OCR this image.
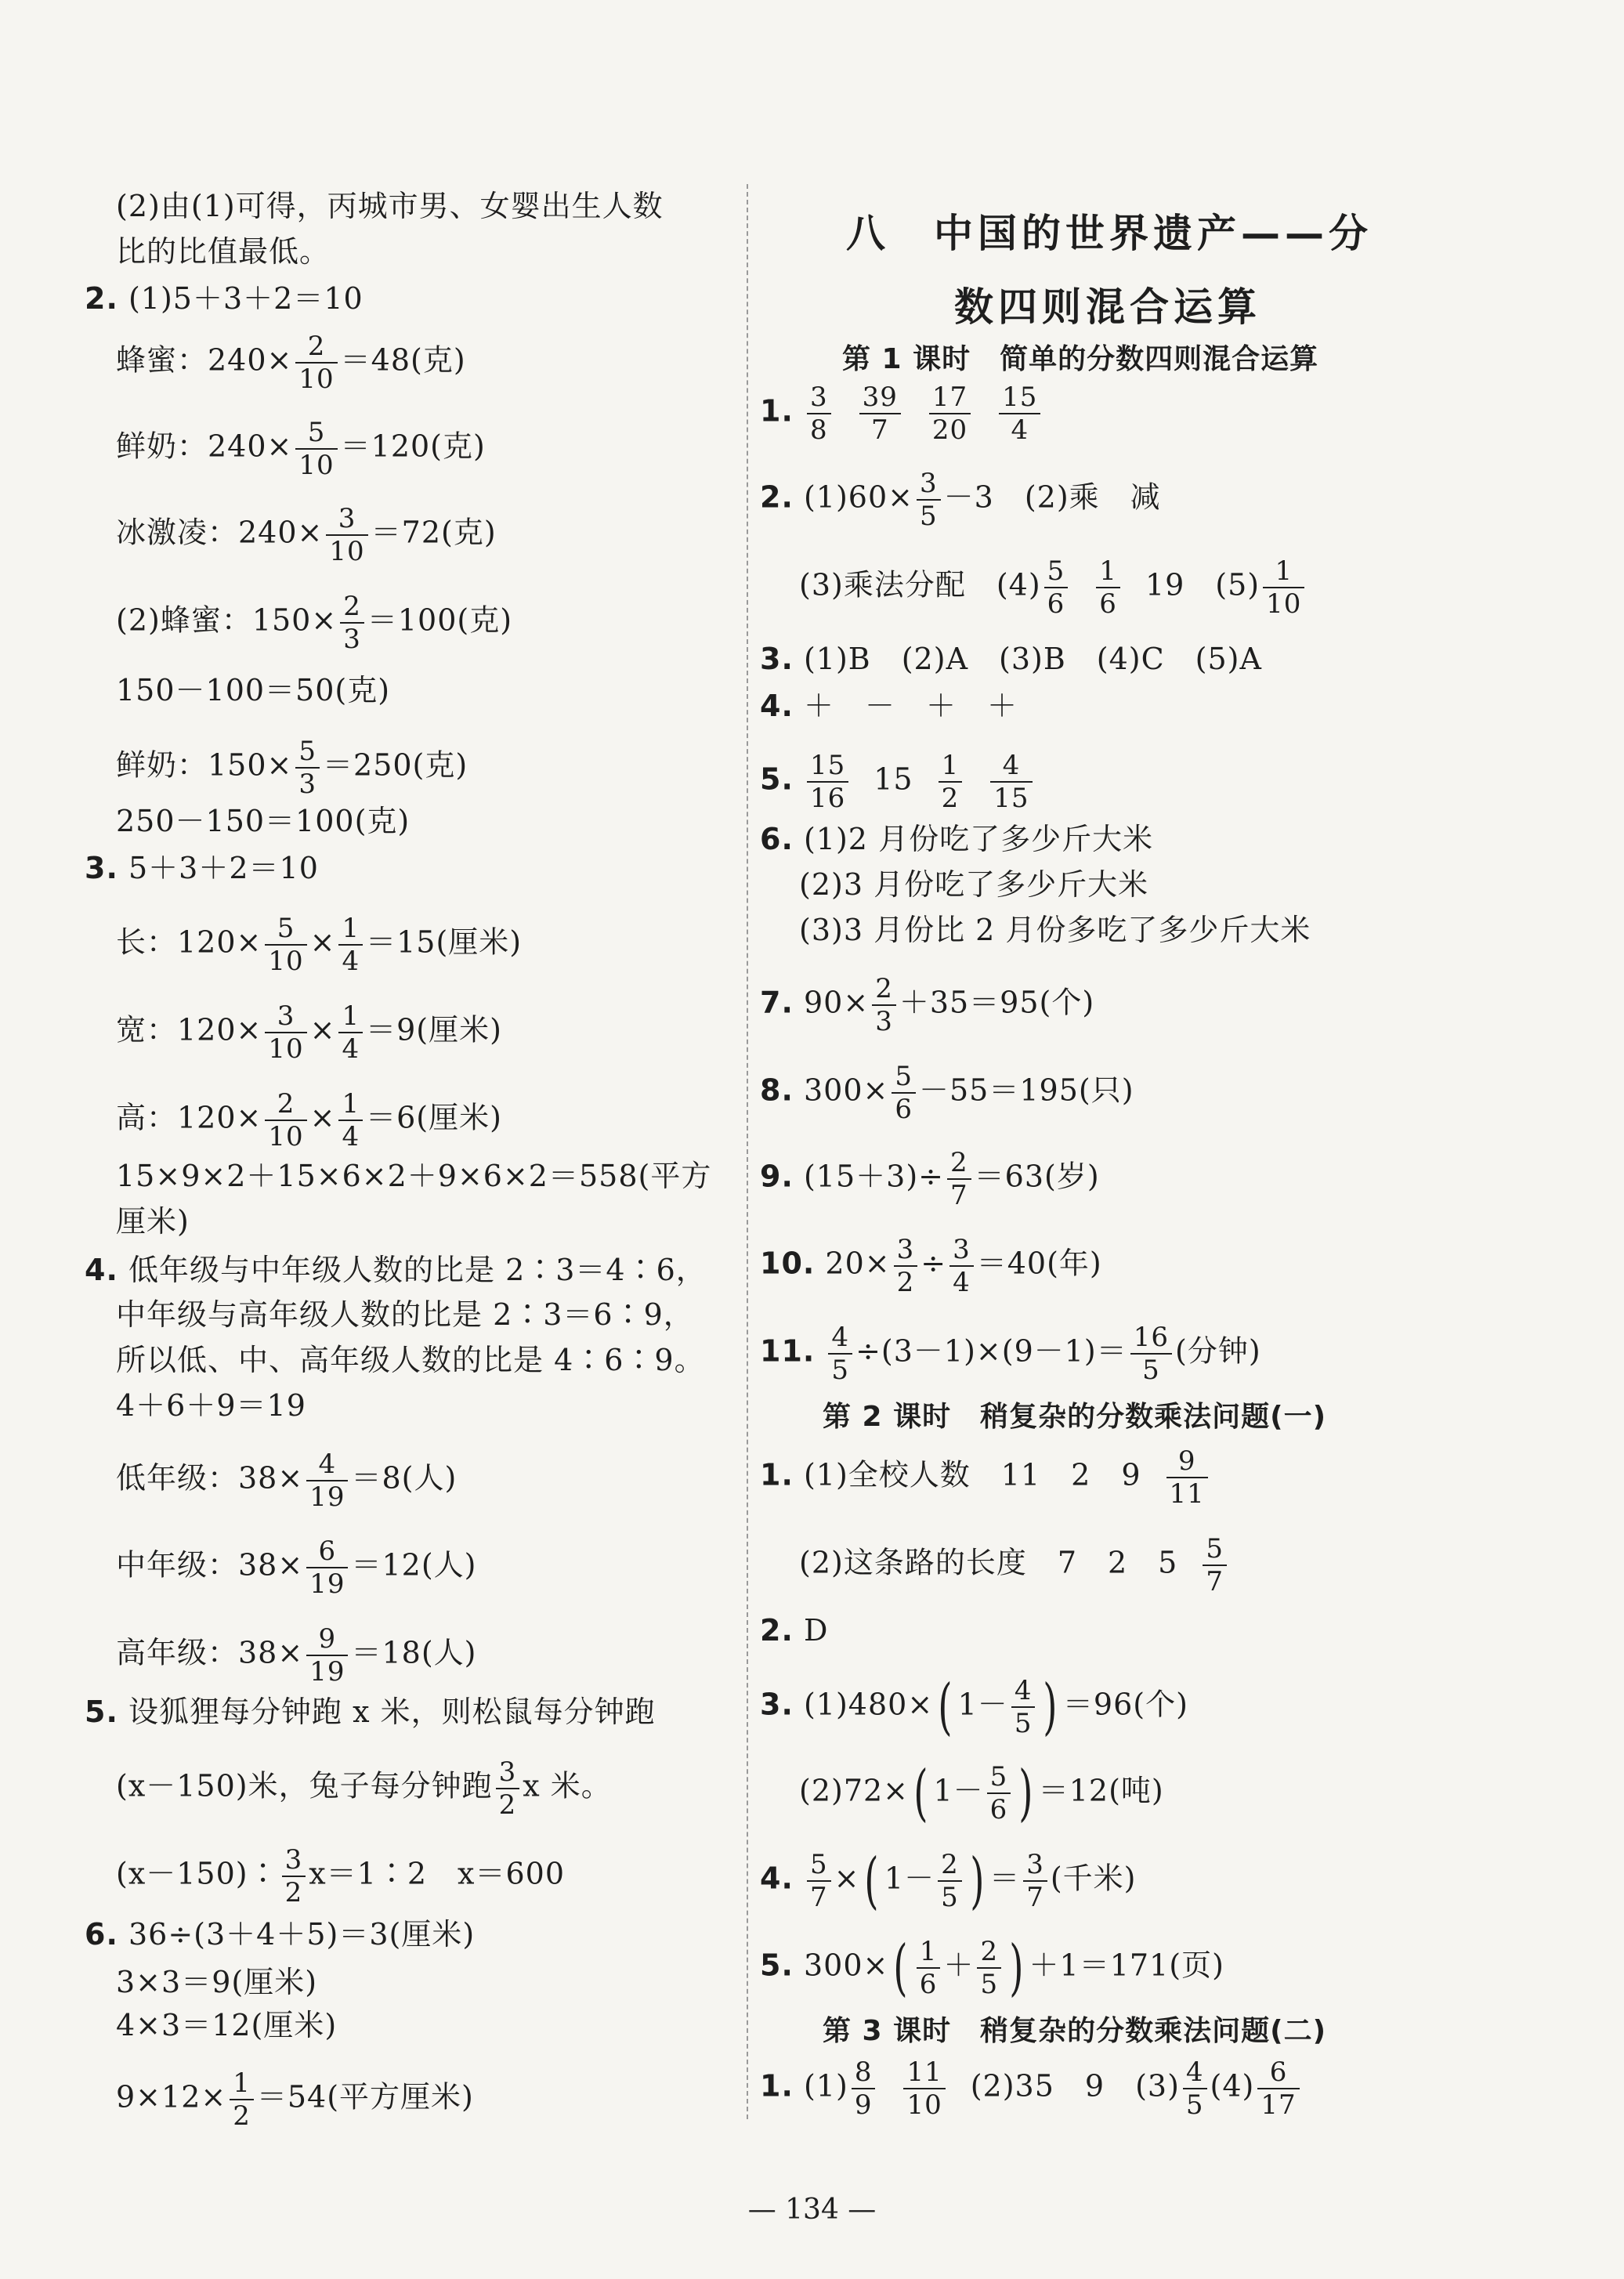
(2)由(1)可得，丙城市男、女婴出生人数
比的比值最低。
2. (1)5＋3＋2＝10
蜂蜜：$240\times \frac{2}{10} =48$(克)
鲜奶：$240\times \frac{5}{10} =120$(克)
冰激凌：$240\times \frac{3}{10} =72$(克)
(2)蜂蜜：$150\times \frac{2}{3} =100$(克)
150－100＝50(克)
鲜奶：$150\times \frac{5}{3} =250$(克)
250－150＝100(克)
3. 5＋3＋2＝10
长：$120\times \frac{5}{10} \times \frac{1}{4} =15$(厘米)
宽：$120\times \frac{3}{10} \times \frac{1}{4} =9$(厘米)
高：$120\times \frac{2}{10} \times \frac{1}{4} =6$(厘米)
15×9×2＋15×6×2＋9×6×2＝558(平方
厘米)
4. 低年级与中年级人数的比是 2∶3＝4∶6，
中年级与高年级人数的比是 2∶3＝6∶9，
所以低、中、高年级人数的比是 4∶6∶9。
4＋6＋9＝19
低年级：$38\times \frac{4}{19} =8$(人)
中年级：$38\times \frac{6}{19} =12$(人)
高年级：$38\times \frac{9}{19} =18$(人)
5. 设狐狸每分钟跑 x 米，则松鼠每分钟跑
(x－150)米，兔子每分钟跑 $\frac{3}{2}$ x 米。
(x－150)∶ $\frac{3}{2}$ x＝1∶2　x＝600
6. 36÷(3＋4＋5)＝3(厘米)
3×3＝9(厘米)
4×3＝12(厘米)
$9\times 12\times \frac{1}{2} =54$(平方厘米)
八　中国的世界遗产——分
数四则混合运算
第 1 课时　简单的分数四则混合运算
1. $\frac{3}{8} \frac{39}{7} \frac{17}{20} \frac{15}{4}$
2. $(1)60\times \frac{3}{5} -3$　(2)乘　减
(3)乘法分配　$(4) \frac{5}{6} \frac{1}{6} 19$　$(5) \frac{1}{10}$
3. (1)B　(2)A　(3)B　(4)C　(5)A
4. ＋　－　＋　＋
5. $\frac{15}{16} 15 \frac{1}{2} \frac{4}{15}$
6. (1)2 月份吃了多少斤大米
(2)3 月份吃了多少斤大米
(3)3 月份比 2 月份多吃了多少斤大米
7. $90\times \frac{2}{3} +35=95$(个)
8. $300\times \frac{5}{6} -55=195$(只)
9. $(15+3)\div \frac{2}{7} =63$(岁)
10. $20\times \frac{3}{2} \div \frac{3}{4} =40$(年)
11. $\frac{4}{5} \div(3-1)\times(9-1)= \frac{16}{5}$ (分钟)
第 2 课时　稍复杂的分数乘法问题(一)
1. (1)全校人数　11　2　$9 \frac{9}{11}$
(2)这条路的长度　7　2　$5 \frac{5}{7}$
2. D
3. (1)480×( $1- \frac{4}{5}$ ) ＝96(个)
(2)72×( $1- \frac{5}{6}$ ) ＝12(吨)
4. $\frac{5}{7}$ ×( $1- \frac{2}{5}$ ) ＝ $\frac{3}{7}$ (千米)
5. $300\times( \frac{1}{6} + \frac{2}{5}$ ) ＋1＝171(页)
第 3 课时　稍复杂的分数乘法问题(二)
1. $(1) \frac{8}{9} \frac{11}{10} (2)35$　9　$(3) \frac{4}{5} (4) \frac{6}{17}$
— 134 —
